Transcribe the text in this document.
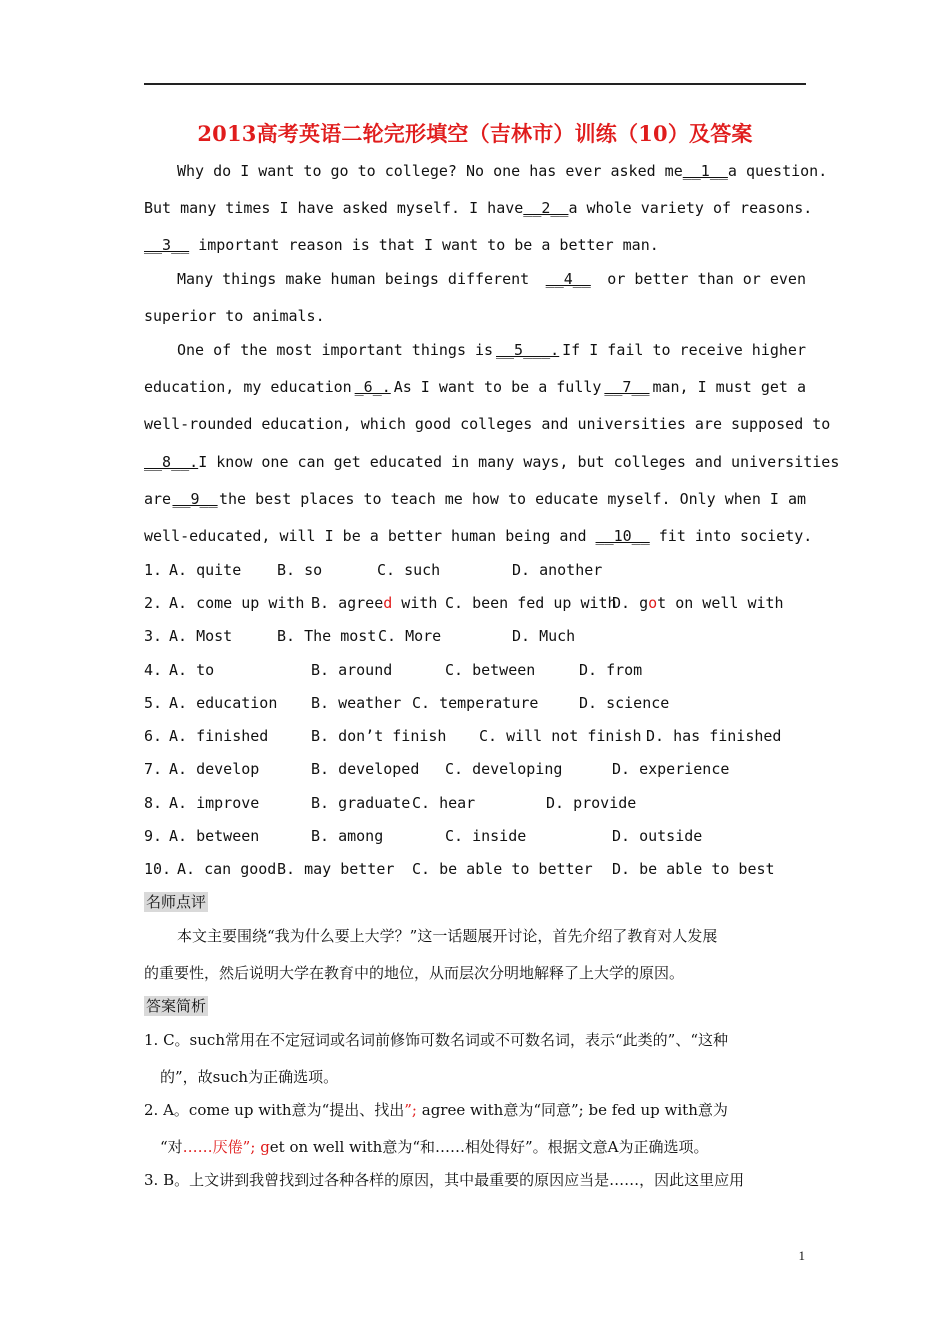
2013高考英语二轮完形填空（吉林市）训练（10）及答案
Why do I want to go to college? No one has ever asked me __1__ a question.
But many times I have asked myself. I have __2__ a whole variety of reasons.
__3__ important reason is that I want to be a better man.
Many things make human beings different __4__ or better than or even
superior to animals.
One of the most important things is __5___. If I fail to receive higher
education, my education _6_. As I want to be a fully __7__ man, I must get a
well-rounded education, which good colleges and universities are supposed to
__8__. I know one can get educated in many ways, but colleges and universities
are __9__ the best places to teach me how to educate myself. Only when I am
well-educated, will I be a better human being and __10__ fit into society.
1. A. quite B. so	C. such	D. another
2. A. come up with B. agreed with C. been fed up with
D. got on well with
3. A. Most	B. The most C. More	D. Much
4. A. to	B. around	C. between	D. from
5. A. education B. weather C. temperature	D. science
6. A. finished	B. don’t finish C. will not finish D. has finished
7. A. develop	B. developed C. developing	D. experience
8. A. improve	B. graduate C. hear	D. provide
9. A. between	B. among	C. inside	D. outside
10. A. can good B. may better C. be able to better D. be able to best
名师点评
本文主要围绕“我为什么要上大学？”这一话题展开讨论，首先介绍了教育对人发展
的重要性，然后说明大学在教育中的地位，从而层次分明地解释了上大学的原因。
答案简析
1. C。such常用在不定冠词或名词前修饰可数名词或不可数名词，表示“此类的”、“这种
的”，故such为正确选项。
2. A。come up with意为“提出、找出”; agree with意为“同意”; be fed up with意为
“对……厌倦”; get on well with意为“和……相处得好”。根据文意A为正确选项。
3. B。上文讲到我曾找到过各种各样的原因，其中最重要的原因应当是……，因此这里应用
1
